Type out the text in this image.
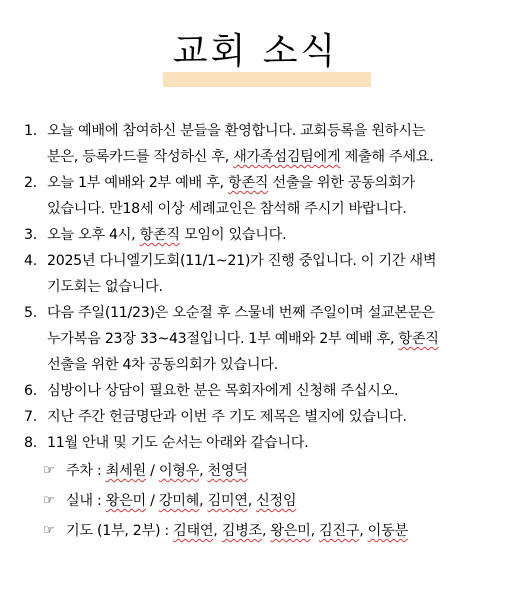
교회 소식
1. 오늘 예배에 참여하신 분들을 환영합니다. 교회등록을 원하시는
분은, 등록카드를 작성하신 후, 새가족섬김팀에게 제출해 주세요.
2. 오늘 1부 예배와 2부 예배 후, 항존직 선출을 위한 공동의회가
있습니다. 만18세 이상 세례교인은 참석해 주시기 바랍니다.
3. 오늘 오후 4시, 항존직 모임이 있습니다.
4. 2025년 다니엘기도회(11/1~21)가 진행 중입니다. 이 기간 새벽
기도회는 없습니다.
5. 다음 주일(11/23)은 오순절 후 스물네 번째 주일이며 설교본문은
누가복음 23장 33~43절입니다. 1부 예배와 2부 예배 후, 항존직
선출을 위한 4차 공동의회가 있습니다.
6. 심방이나 상담이 필요한 분은 목회자에게 신청해 주십시오.
7. 지난 주간 헌금명단과 이번 주 기도 제목은 별지에 있습니다.
8. 11월 안내 및 기도 순서는 아래와 같습니다.
☞ 주차 : 최세원 / 이형우, 천영덕
☞ 실내 : 왕은미 / 강미혜, 김미연, 신정임
☞ 기도 (1부, 2부) : 김태연, 김병조, 왕은미, 김진구, 이동분
